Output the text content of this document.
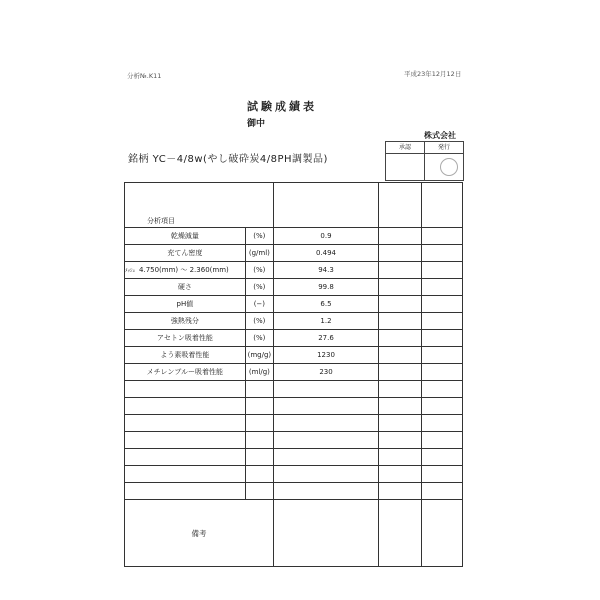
分析№.K11	平成23年12月12日
試験成績表
御中
株式会社
銘柄 YC－4/8w(やし破砕炭4/8PH調製品)
承認	発行
分析項目				

乾燥減量	(%)	0.9		
充てん密度	(g/ml)	0.494		
ﾒｯｼｭ 4.750(mm) 〜 2.360(mm)	(%)	94.3		
硬さ	(%)	99.8		
pH値	(−)	6.5		
強熱残分	(%)	1.2		
アセトン吸着性能	(%)	27.6		
よう素吸着性能	(mg/g)	1230		
メチレンブルー吸着性能	(ml/g)	230		

備考				
